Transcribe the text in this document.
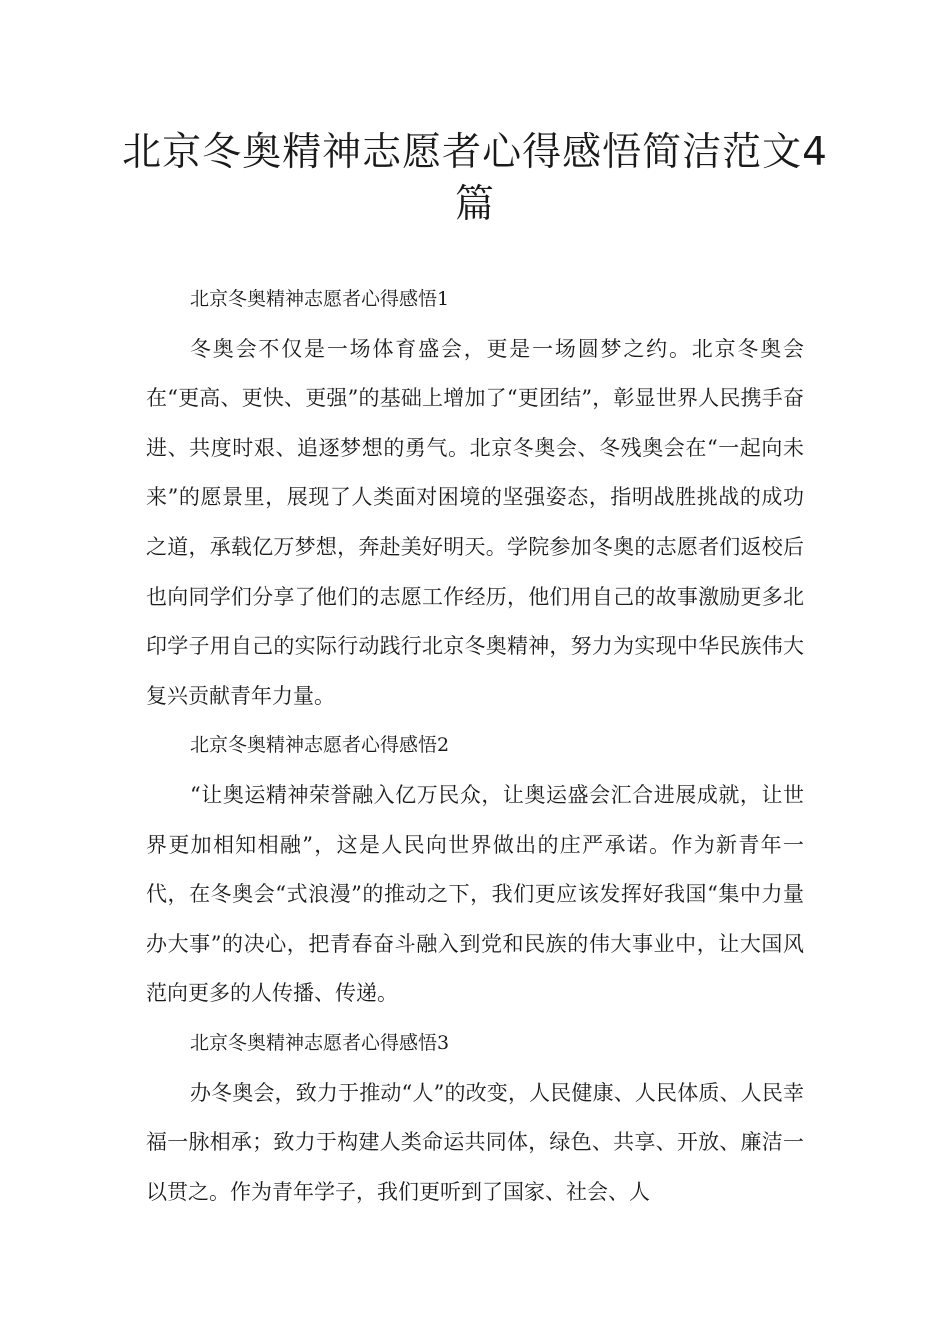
北京冬奥精神志愿者心得感悟简洁范文4篇

北京冬奥精神志愿者心得感悟1

冬奥会不仅是一场体育盛会，更是一场圆梦之约。北京冬奥会在“更高、更快、更强”的基础上增加了“更团结”，彰显世界人民携手奋进、共度时艰、追逐梦想的勇气。北京冬奥会、冬残奥会在“一起向未来”的愿景里，展现了人类面对困境的坚强姿态，指明战胜挑战的成功之道，承载亿万梦想，奔赴美好明天。学院参加冬奥的志愿者们返校后也向同学们分享了他们的志愿工作经历，他们用自己的故事激励更多北印学子用自己的实际行动践行北京冬奥精神，努力为实现中华民族伟大复兴贡献青年力量。

北京冬奥精神志愿者心得感悟2

“让奥运精神荣誉融入亿万民众，让奥运盛会汇合进展成就，让世界更加相知相融”，这是人民向世界做出的庄严承诺。作为新青年一代，在冬奥会“式浪漫”的推动之下，我们更应该发挥好我国“集中力量办大事”的决心，把青春奋斗融入到党和民族的伟大事业中，让大国风范向更多的人传播、传递。

北京冬奥精神志愿者心得感悟3

办冬奥会，致力于推动“人”的改变，人民健康、人民体质、人民幸福一脉相承；致力于构建人类命运共同体，绿色、共享、开放、廉洁一以贯之。作为青年学子，我们更听到了国家、社会、人
